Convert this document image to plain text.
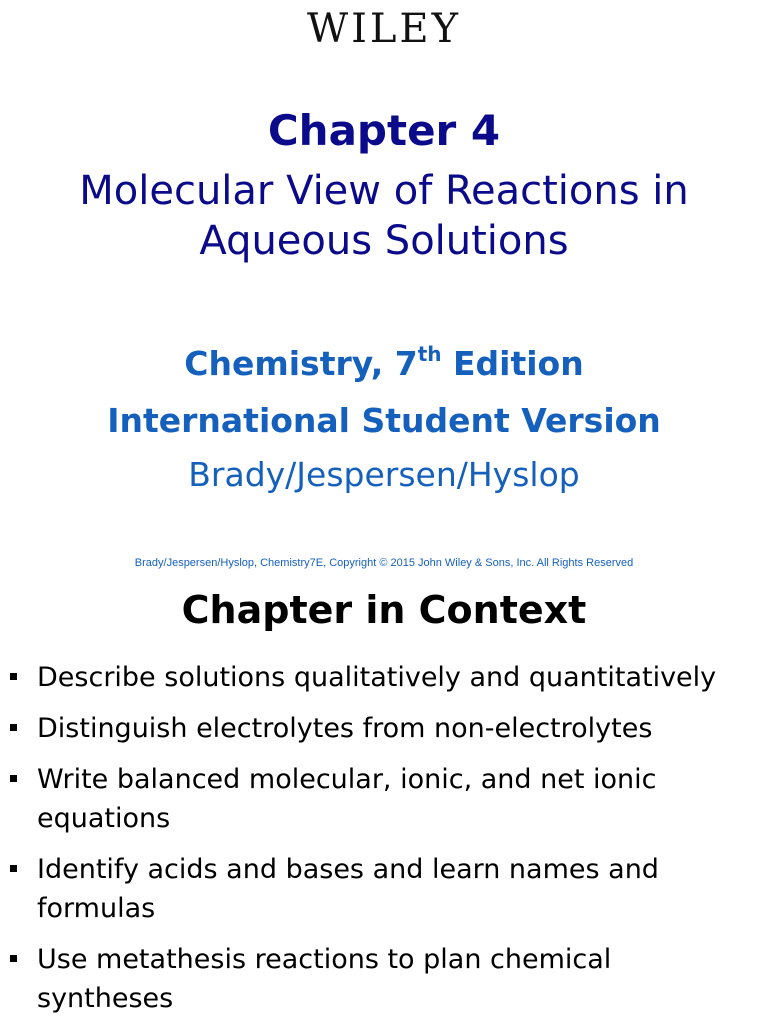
WILEY
Chapter 4
Molecular View of Reactions in Aqueous Solutions
Chemistry, 7th Edition
International Student Version
Brady/Jespersen/Hyslop
Brady/Jespersen/Hyslop, Chemistry7E, Copyright © 2015 John Wiley & Sons, Inc. All Rights Reserved
Chapter in Context
Describe solutions qualitatively and quantitatively
Distinguish electrolytes from non-electrolytes
Write balanced molecular, ionic, and net ionic equations
Identify acids and bases and learn names and formulas
Use metathesis reactions to plan chemical syntheses
